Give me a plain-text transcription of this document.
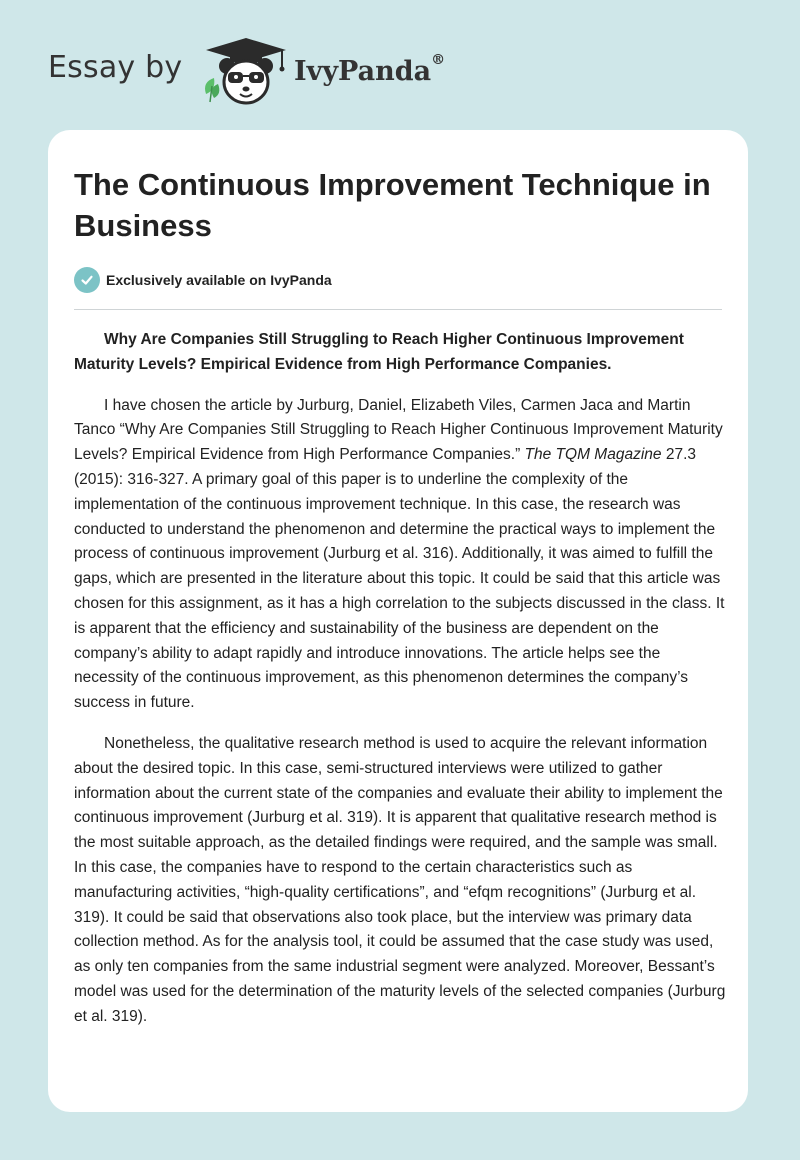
Essay by	IvyPanda®
The Continuous Improvement Technique in Business
Exclusively available on IvyPanda

Why Are Companies Still Struggling to Reach Higher Continuous Improvement Maturity Levels? Empirical Evidence from High Performance Companies.

I have chosen the article by Jurburg, Daniel, Elizabeth Viles, Carmen Jaca and Martin Tanco “Why Are Companies Still Struggling to Reach Higher Continuous Improvement Maturity Levels? Empirical Evidence from High Performance Companies.” The TQM Magazine 27.3 (2015): 316-327. A primary goal of this paper is to underline the complexity of the implementation of the continuous improvement technique. In this case, the research was conducted to understand the phenomenon and determine the practical ways to implement the process of continuous improvement (Jurburg et al. 316). Additionally, it was aimed to fulfill the gaps, which are presented in the literature about this topic. It could be said that this article was chosen for this assignment, as it has a high correlation to the subjects discussed in the class. It is apparent that the efficiency and sustainability of the business are dependent on the company’s ability to adapt rapidly and introduce innovations. The article helps see the necessity of the continuous improvement, as this phenomenon determines the company’s success in future.

Nonetheless, the qualitative research method is used to acquire the relevant information about the desired topic. In this case, semi-structured interviews were utilized to gather information about the current state of the companies and evaluate their ability to implement the continuous improvement (Jurburg et al. 319). It is apparent that qualitative research method is the most suitable approach, as the detailed findings were required, and the sample was small. In this case, the companies have to respond to the certain characteristics such as manufacturing activities, “high-quality certifications”, and “efqm recognitions” (Jurburg et al. 319). It could be said that observations also took place, but the interview was primary data collection method. As for the analysis tool, it could be assumed that the case study was used, as only ten companies from the same industrial segment were analyzed. Moreover, Bessant’s model was used for the determination of the maturity levels of the selected companies (Jurburg et al. 319).
